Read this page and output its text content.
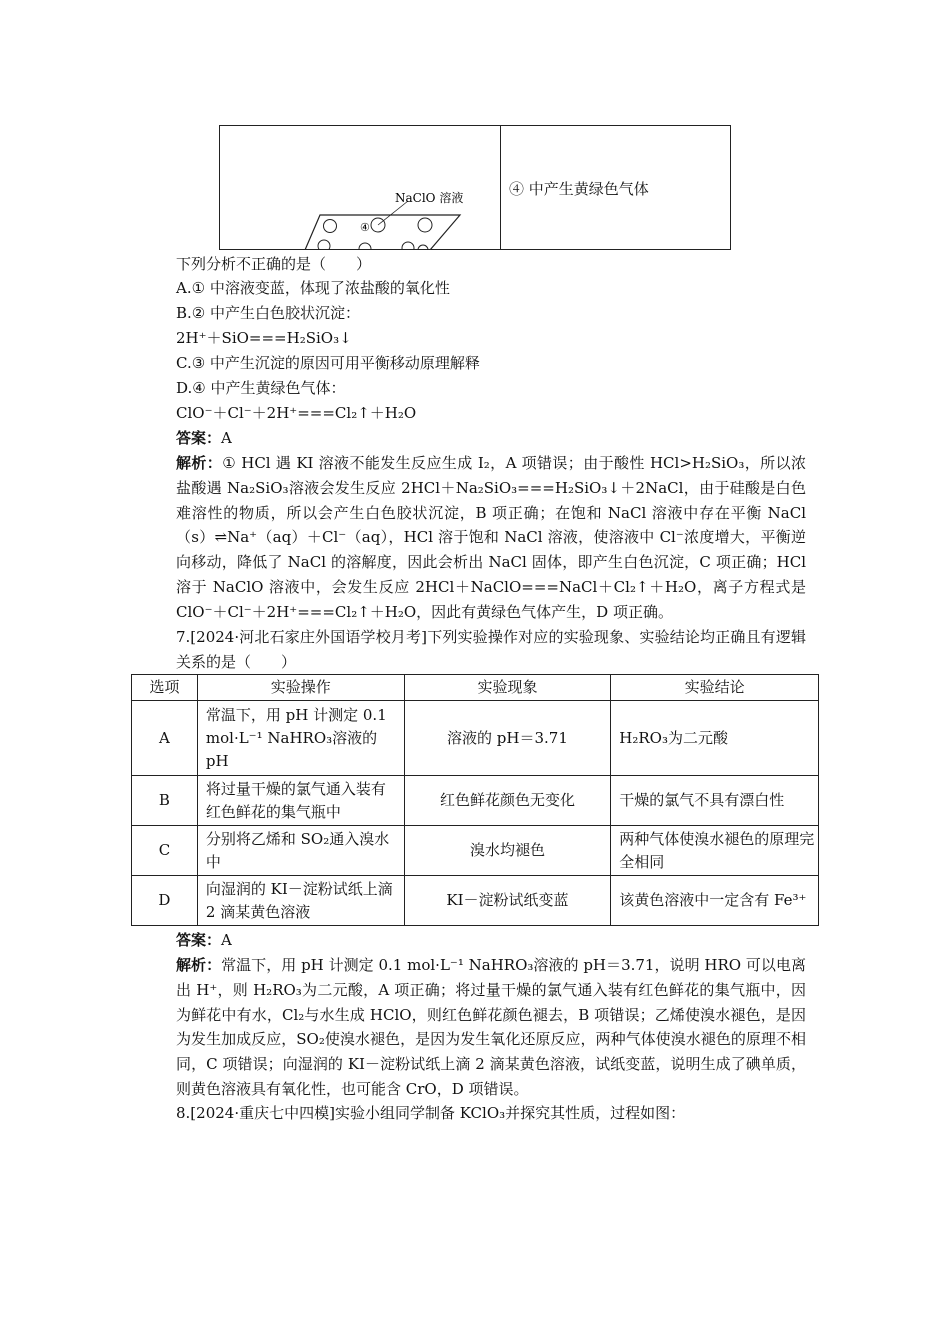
④
NaClO 溶液	④ 中产生黄绿色气体
下列分析不正确的是（　　）
A.① 中溶液变蓝，体现了浓盐酸的氧化性
B.② 中产生白色胶状沉淀：
2H⁺＋SiO===H₂SiO₃↓
C.③ 中产生沉淀的原因可用平衡移动原理解释
D.④ 中产生黄绿色气体：
ClO⁻＋Cl⁻＋2H⁺===Cl₂↑＋H₂O
答案：A
解析：① HCl 遇 KI 溶液不能发生反应生成 I₂，A 项错误；由于酸性 HCl>H₂SiO₃，所以浓盐酸遇 Na₂SiO₃溶液会发生反应 2HCl＋Na₂SiO₃===H₂SiO₃↓＋2NaCl，由于硅酸是白色难溶性的物质，所以会产生白色胶状沉淀，B 项正确；在饱和 NaCl 溶液中存在平衡 NaCl（s）⇌Na⁺（aq）＋Cl⁻（aq），HCl 溶于饱和 NaCl 溶液，使溶液中 Cl⁻浓度增大，平衡逆向移动，降低了 NaCl 的溶解度，因此会析出 NaCl 固体，即产生白色沉淀，C 项正确；HCl 溶于 NaClO 溶液中，会发生反应 2HCl＋NaClO===NaCl＋Cl₂↑＋H₂O，离子方程式是 ClO⁻＋Cl⁻＋2H⁺===Cl₂↑＋H₂O，因此有黄绿色气体产生，D 项正确。
7.[2024·河北石家庄外国语学校月考]下列实验操作对应的实验现象、实验结论均正确且有逻辑关系的是（　　）
选项	实验操作	实验现象	实验结论
A	常温下，用 pH 计测定 0.1 mol·L⁻¹ NaHRO₃溶液的 pH	溶液的 pH＝3.71	H₂RO₃为二元酸
B	将过量干燥的氯气通入装有红色鲜花的集气瓶中	红色鲜花颜色无变化	干燥的氯气不具有漂白性
C	分别将乙烯和 SO₂通入溴水中	溴水均褪色	两种气体使溴水褪色的原理完全相同
D	向湿润的 KI－淀粉试纸上滴 2 滴某黄色溶液	KI－淀粉试纸变蓝	该黄色溶液中一定含有 Fe³⁺
答案：A
解析：常温下，用 pH 计测定 0.1 mol·L⁻¹ NaHRO₃溶液的 pH＝3.71，说明 HRO 可以电离出 H⁺，则 H₂RO₃为二元酸，A 项正确；将过量干燥的氯气通入装有红色鲜花的集气瓶中，因为鲜花中有水，Cl₂与水生成 HClO，则红色鲜花颜色褪去，B 项错误；乙烯使溴水褪色，是因为发生加成反应，SO₂使溴水褪色，是因为发生氧化还原反应，两种气体使溴水褪色的原理不相同，C 项错误；向湿润的 KI－淀粉试纸上滴 2 滴某黄色溶液，试纸变蓝，说明生成了碘单质，则黄色溶液具有氧化性，也可能含 CrO，D 项错误。
8.[2024·重庆七中四模]实验小组同学制备 KClO₃并探究其性质，过程如图：
